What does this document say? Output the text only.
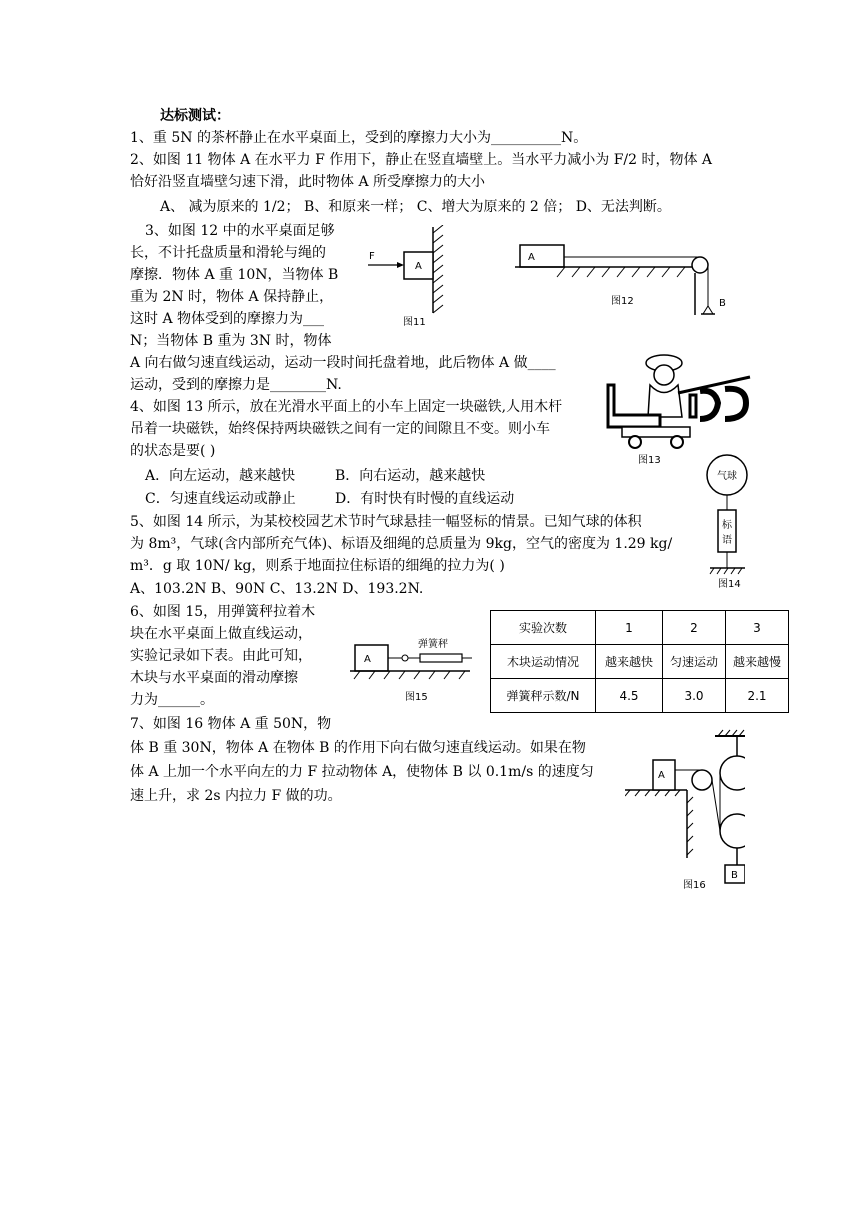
达标测试：
1、重 5N 的茶杯静止在水平桌面上，受到的摩擦力大小为__________N。
2、如图 11 物体 A 在水平力 F 作用下，静止在竖直墙壁上。当水平力减小为 F/2 时，物体 A
恰好沿竖直墙壁匀速下滑，此时物体 A 所受摩擦力的大小
A、 减为原来的 1/2； B、和原来一样； C、增大为原来的 2 倍； D、无法判断。
3、如图 12 中的水平桌面足够
长，不计托盘质量和滑轮与绳的
摩擦．物体 A 重 10N，当物体 B
重为 2N 时，物体 A 保持静止，
这时 A 物体受到的摩擦力为___
N；当物体 B 重为 3N 时，物体
A 向右做匀速直线运动，运动一段时间托盘着地，此后物体 A 做____
运动，受到的摩擦力是________N.
4、如图 13 所示，放在光滑水平面上的小车上固定一块磁铁,人用木杆
吊着一块磁铁，始终保持两块磁铁之间有一定的间隙且不变。则小车
的状态是要( )
A．向左运动，越来越快	B．向右运动，越来越快
C．匀速直线运动或静止	D．有时快有时慢的直线运动
5、如图 14 所示，为某校校园艺术节时气球悬挂一幅竖标的情景。已知气球的体积
为 8m³，气球(含内部所充气体)、标语及细绳的总质量为 9kg，空气的密度为 1.29 kg/
m³．g 取 10N/ kg，则系于地面拉住标语的细绳的拉力为( )
A、103.2N B、90N C、13.2N D、193.2N.
6、如图 15，用弹簧秤拉着木
块在水平桌面上做直线运动，
实验记录如下表。由此可知，
木块与水平桌面的滑动摩擦
力为______。
7、如图 16 物体 A 重 50N，物
体 B 重 30N，物体 A 在物体 B 的作用下向右做匀速直线运动。如果在物
体 A 上加一个水平向左的力 F 拉动物体 A，使物体 B 以 0.1m/s 的速度匀
速上升，求 2s 内拉力 F 做的功。
A
F
图11
A
B
图12
图13
气球
标
语
图14
A
弹簧秤
图15
实验次数	1	2	3
木块运动情况	越来越快	匀速运动	越来越慢
弹簧秤示数/N	4.5	3.0	2.1
A
B
图16
